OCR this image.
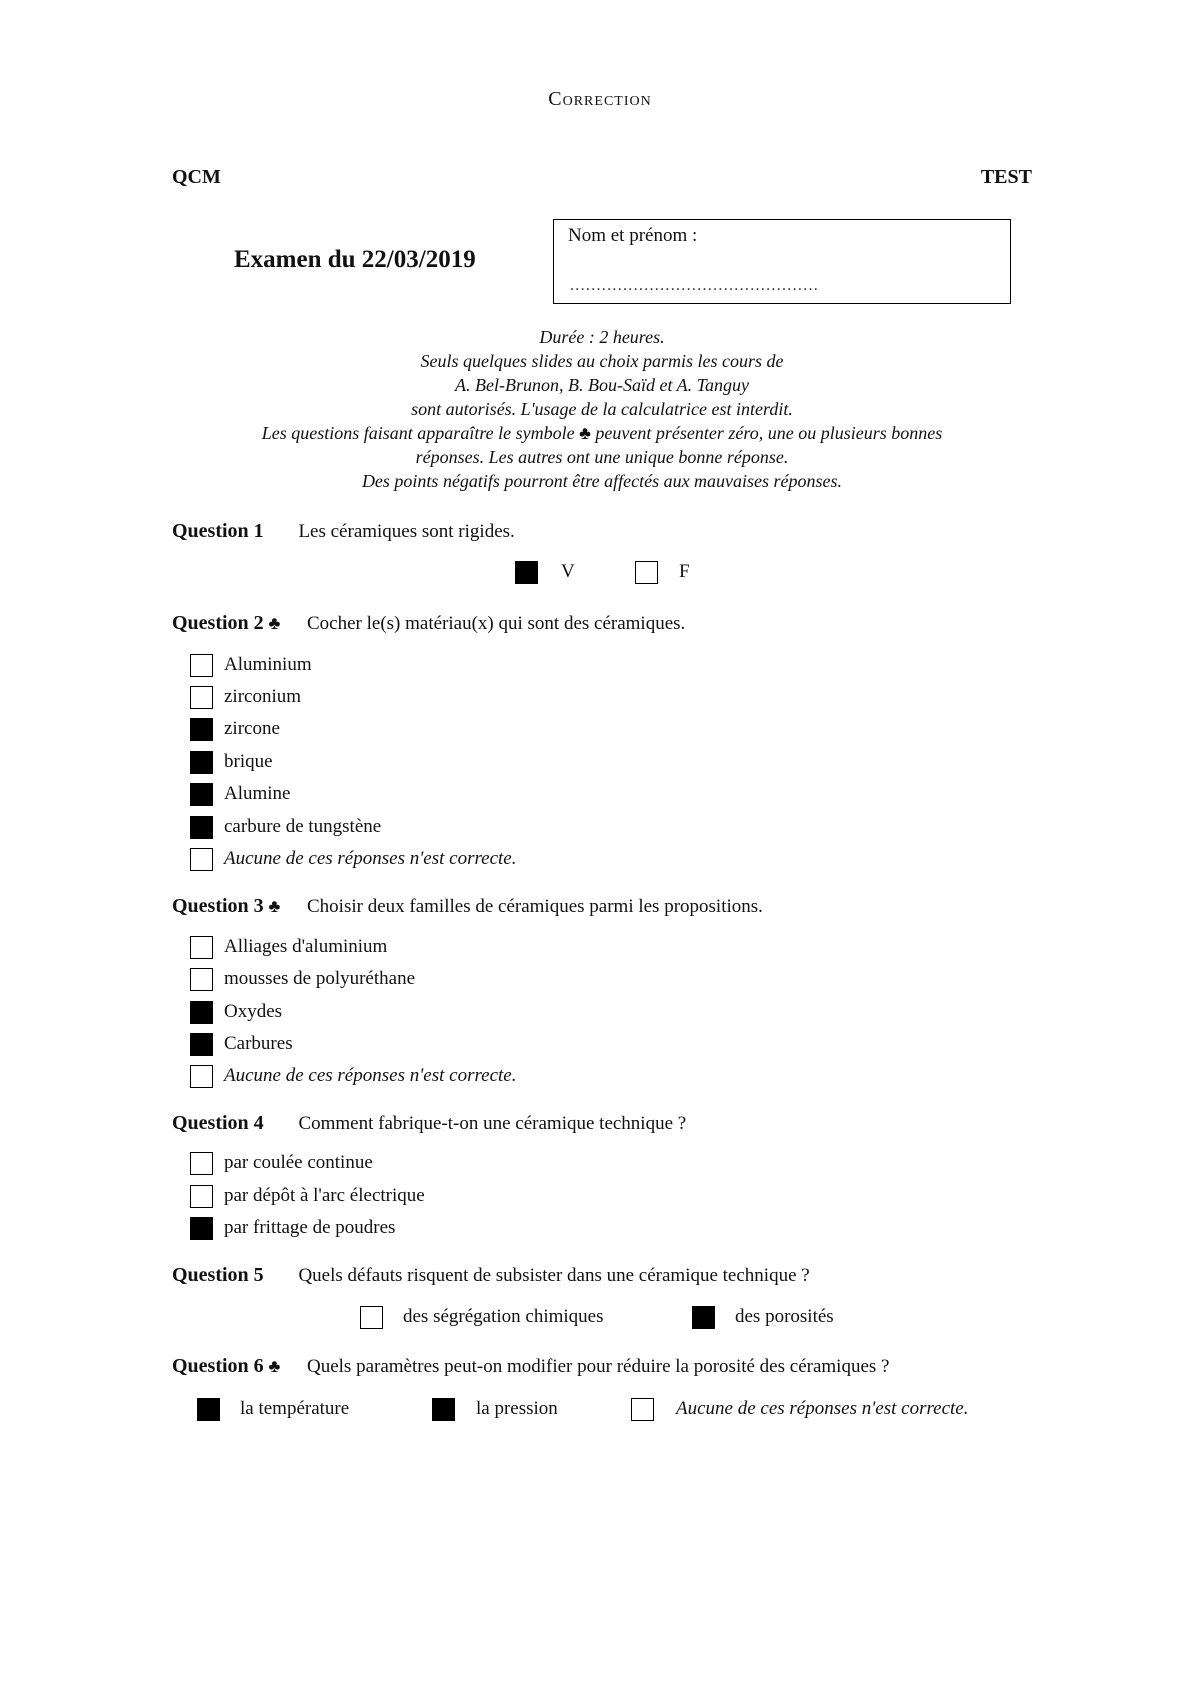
Correction
QCM	TEST
Examen du 22/03/2019
Nom et prénom :
...............................................
Durée : 2 heures.
Seuls quelques slides au choix parmis les cours de
A. Bel-Brunon, B. Bou-Saïd et A. Tanguy
sont autorisés. L'usage de la calculatrice est interdit.
Les questions faisant apparaître le symbole ♣ peuvent présenter zéro, une ou plusieurs bonnes
réponses. Les autres ont une unique bonne réponse.
Des points négatifs pourront être affectés aux mauvaises réponses.
Question 1 Les céramiques sont rigides.
V	F
Question 2 ♣ Cocher le(s) matériau(x) qui sont des céramiques.
Aluminium
zirconium
zircone
brique
Alumine
carbure de tungstène
Aucune de ces réponses n'est correcte.
Question 3 ♣ Choisir deux familles de céramiques parmi les propositions.
Alliages d'aluminium
mousses de polyuréthane
Oxydes
Carbures
Aucune de ces réponses n'est correcte.
Question 4 Comment fabrique-t-on une céramique technique ?
par coulée continue
par dépôt à l'arc électrique
par frittage de poudres
Question 5 Quels défauts risquent de subsister dans une céramique technique ?
des ségrégation chimiques	des porosités
Question 6 ♣ Quels paramètres peut-on modifier pour réduire la porosité des céramiques ?
la température	la pression	Aucune de ces réponses n'est correcte.
